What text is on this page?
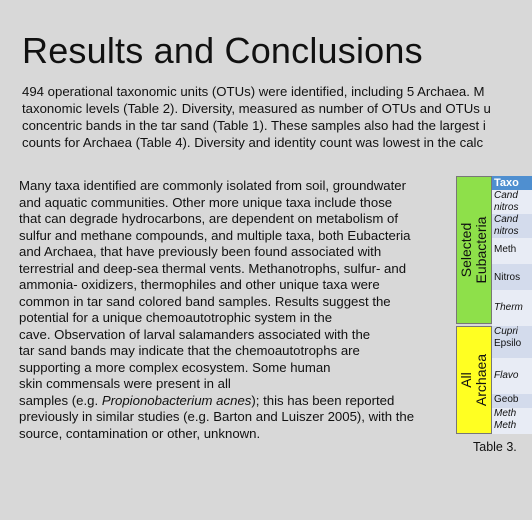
Results and Conclusions
494 operational taxonomic units (OTUs) were identified, including 5 Archaea. M
taxonomic levels (Table 2). Diversity, measured as number of OTUs and OTUs u
concentric bands in the tar sand (Table 1). These samples also had the largest i
counts for Archaea (Table 4). Diversity and identity count was lowest in the calc
Many taxa identified are commonly isolated from soil, groundwater
and aquatic communities. Other more unique taxa include those
that can degrade hydrocarbons, are dependent on metabolism of
sulfur and methane compounds, and multiple taxa, both Eubacteria
and Archaea, that have previously been found associated with
terrestrial and deep-sea thermal vents. Methanotrophs, sulfur- and
ammonia- oxidizers, thermophiles and other unique taxa were
common in tar sand colored band samples. Results suggest the
potential for a unique chemoautotrophic system in the
cave. Observation of larval salamanders associated with the
tar sand bands may indicate that the chemoautotrophs are
supporting a more complex ecosystem. Some human
skin commensals were present in all
samples (e.g. Propionobacterium acnes); this has been reported
previously in similar studies (e.g. Barton and Luiszer 2005), with the
source, contamination or other, unknown.
Selected Eubacteria
All Archaea
Taxo
Cand
nitros
Cand
nitros
Meth
Nitros
Therm
Cupri
Epsilo
Flavo
Geob
Meth
Meth
Table 3.
